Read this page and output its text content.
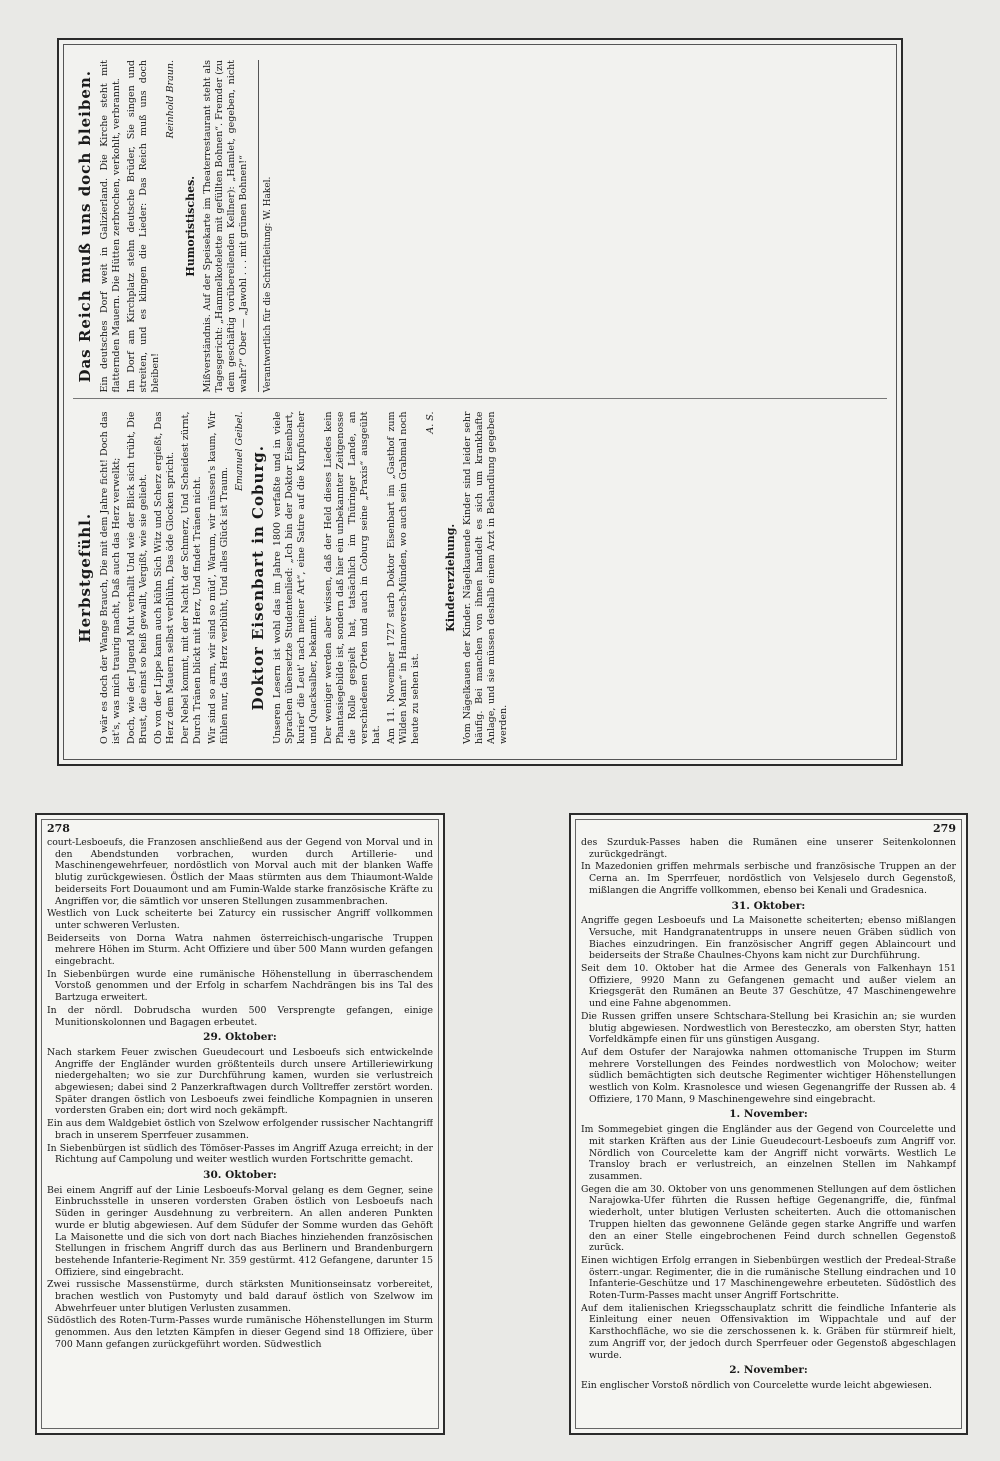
Herbstgefühl. O wär es doch der Wange Brauch, Die mit dem Jahre ficht! Doch das ist's, was mich traurig macht, Daß auch das Herz verwelkt; Doch, wie der Jugend Mut verhallt Und wie der Blick sich trübt, Die Brust, die einst so heiß gewallt, Vergißt, wie sie geliebt. Ob von der Lippe kann auch kühn Sich Witz und Scherz ergießt, Das Herz dem Mauern selbst verblühn, Das öde Glocken spricht. Der Nebel kommt, mit der Nacht der Schmerz, Und Scheidest zürnt, Durch Tränen blickt mit Herz, Und findet Tränen nicht. Wir sind so arm, wir sind so müd', Warum, wir müssen's kaum, Wir fühlen nur, das Herz verblüht, Und alles Glück ist Traum.

Emanuel Geibel. Doktor Eisenbart in Coburg. Unseren Lesern ist wohl das im Jahre 1800 verfaßte und in viele Sprachen übersetzte Studentenlied: „Ich bin der Doktor Eisenbart, kurier' die Leut' nach meiner Art“, eine Satire auf die Kurpfuscher und Quacksalber, bekannt. Der weniger werden aber wissen, daß der Held dieses Liedes kein Phantasiegebilde ist, sondern daß hier ein unbekannter Zeitgenosse die Rolle gespielt hat, tatsächlich im Thüringer Lande, an verschiedenen Orten und auch in Coburg seine „Praxis“ ausgeübt hat. Am 11. November 1727 starb Doktor Eisenbart im „Gasthof zum Wilden Mann“ in Hannoversch-Münden, wo auch sein Grabmal noch heute zu sehen ist.

A. S.
Kindererziehung. Vom Nägelkauen der Kinder. Nägelkauende Kinder sind leider sehr häufig. Bei manchen von ihnen handelt es sich um krankhafte Anlage, und sie müssen deshalb einem Arzt in Behandlung gegeben werden.

Das Reich muß uns doch bleiben. Ein deutsches Dorf weit in Galizierland. Die Kirche steht mit flatternden Mauern. Die Hütten zerbrochen, verkohlt, verbrannt. Im Dorf am Kirchplatz stehn deutsche Brüder, Sie singen und streiten, und es klingen die Lieder: Das Reich muß uns doch bleiben!

Reinhold Braun.
Humoristisches. Mißverständnis. Auf der Speisekarte im Theaterrestaurant steht als Tagesgericht: „Hammelkotelette mit gefüllten Bohnen“. Fremder (zu dem geschäftig vorübereilenden Kellner): „Hamlet, gegeben, nicht wahr?“ Ober — „Jawohl . . . mit grünen Bohnen!“	Verantwortlich für die Schriftleitung: W. Hakel.
278

court-Lesboeufs, die Franzosen anschließend aus der Gegend von Morval und in den Abendstunden vorbrachen, wurden durch Artillerie- und Maschinengewehrfeuer, nordöstlich von Morval auch mit der blanken Waffe blutig zurückgewiesen. Östlich der Maas stürmten aus dem Thiaumont-Walde beiderseits Fort Douaumont und am Fumin-Walde starke französische Kräfte zu Angriffen vor, die sämtlich vor unseren Stellungen zusammenbrachen.

Westlich von Luck scheiterte bei Zaturcy ein russischer Angriff vollkommen unter schweren Verlusten.

Beiderseits von Dorna Watra nahmen österreichisch-ungarische Truppen mehrere Höhen im Sturm. Acht Offiziere und über 500 Mann wurden gefangen eingebracht.

In Siebenbürgen wurde eine rumänische Höhenstellung in überraschendem Vorstoß genommen und der Erfolg in scharfem Nachdrängen bis ins Tal des Bartzuga erweitert.

In der nördl. Dobrudscha wurden 500 Versprengte gefangen, einige Munitionskolonnen und Bagagen erbeutet.

29. Oktober:

Nach starkem Feuer zwischen Gueudecourt und Lesboeufs sich entwickelnde Angriffe der Engländer wurden größtenteils durch unsere Artilleriewirkung niedergehalten; wo sie zur Durchführung kamen, wurden sie verlustreich abgewiesen; dabei sind 2 Panzerkraftwagen durch Volltreffer zerstört worden. Später drangen östlich von Lesboeufs zwei feindliche Kompagnien in unseren vordersten Graben ein; dort wird noch gekämpft.

Ein aus dem Waldgebiet östlich von Szelwow erfolgender russischer Nachtangriff brach in unserem Sperrfeuer zusammen.

In Siebenbürgen ist südlich des Tömöser-Passes im Angriff Azuga erreicht; in der Richtung auf Campolung und weiter westlich wurden Fortschritte gemacht.

30. Oktober:

Bei einem Angriff auf der Linie Lesboeufs-Morval gelang es dem Gegner, seine Einbruchsstelle in unseren vordersten Graben östlich von Lesboeufs nach Süden in geringer Ausdehnung zu verbreitern. An allen anderen Punkten wurde er blutig abgewiesen. Auf dem Südufer der Somme wurden das Gehöft La Maisonette und die sich von dort nach Biaches hinziehenden französischen Stellungen in frischem Angriff durch das aus Berlinern und Brandenburgern bestehende Infanterie-Regiment Nr. 359 gestürmt. 412 Gefangene, darunter 15 Offiziere, sind eingebracht.

Zwei russische Massenstürme, durch stärksten Munitionseinsatz vorbereitet, brachen westlich von Pustomyty und bald darauf östlich von Szelwow im Abwehrfeuer unter blutigen Verlusten zusammen.

Südöstlich des Roten-Turm-Passes wurde rumänische Höhenstellungen im Sturm genommen. Aus den letzten Kämpfen in dieser Gegend sind 18 Offiziere, über 700 Mann gefangen zurückgeführt worden. Südwestlich

279

des Szurduk-Passes haben die Rumänen eine unserer Seitenkolonnen zurückgedrängt.

In Mazedonien griffen mehrmals serbische und französische Truppen an der Cerna an. Im Sperrfeuer, nordöstlich von Velsjeselo durch Gegenstoß, mißlangen die Angriffe vollkommen, ebenso bei Kenali und Gradesnica.

31. Oktober:

Angriffe gegen Lesboeufs und La Maisonette scheiterten; ebenso mißlangen Versuche, mit Handgranatentrupps in unsere neuen Gräben südlich von Biaches einzudringen. Ein französischer Angriff gegen Ablaincourt und beiderseits der Straße Chaulnes-Chyons kam nicht zur Durchführung.

Seit dem 10. Oktober hat die Armee des Generals von Falkenhayn 151 Offiziere, 9920 Mann zu Gefangenen gemacht und außer vielem an Kriegsgerät den Rumänen an Beute 37 Geschütze, 47 Maschinengewehre und eine Fahne abgenommen.

Die Russen griffen unsere Schtschara-Stellung bei Krasichin an; sie wurden blutig abgewiesen. Nordwestlich von Beresteczko, am obersten Styr, hatten Vorfeldkämpfe einen für uns günstigen Ausgang.

Auf dem Ostufer der Narajowka nahmen ottomanische Truppen im Sturm mehrere Vorstellungen des Feindes nordwestlich von Molochow; weiter südlich bemächtigten sich deutsche Regimenter wichtiger Höhenstellungen westlich von Kolm. Krasnolesce und wiesen Gegenangriffe der Russen ab. 4 Offiziere, 170 Mann, 9 Maschinengewehre sind eingebracht.

1. November:

Im Sommegebiet gingen die Engländer aus der Gegend von Courcelette und mit starken Kräften aus der Linie Gueudecourt-Lesboeufs zum Angriff vor. Nördlich von Courcelette kam der Angriff nicht vorwärts. Westlich Le Transloy brach er verlustreich, an einzelnen Stellen im Nahkampf zusammen.

Gegen die am 30. Oktober von uns genommenen Stellungen auf dem östlichen Narajowka-Ufer führten die Russen heftige Gegenangriffe, die, fünfmal wiederholt, unter blutigen Verlusten scheiterten. Auch die ottomanischen Truppen hielten das gewonnene Gelände gegen starke Angriffe und warfen den an einer Stelle eingebrochenen Feind durch schnellen Gegenstoß zurück.

Einen wichtigen Erfolg errangen in Siebenbürgen westlich der Predeal-Straße österr.-ungar. Regimenter, die in die rumänische Stellung eindrachen und 10 Infanterie-Geschütze und 17 Maschinengewehre erbeuteten. Südöstlich des Roten-Turm-Passes macht unser Angriff Fortschritte.

Auf dem italienischen Kriegsschauplatz schritt die feindliche Infanterie als Einleitung einer neuen Offensivaktion im Wippachtale und auf der Karsthochfläche, wo sie die zerschossenen k. k. Gräben für stürmreif hielt, zum Angriff vor, der jedoch durch Sperrfeuer oder Gegenstoß abgeschlagen wurde.

2. November:

Ein englischer Vorstoß nördlich von Courcelette wurde leicht abgewiesen.
